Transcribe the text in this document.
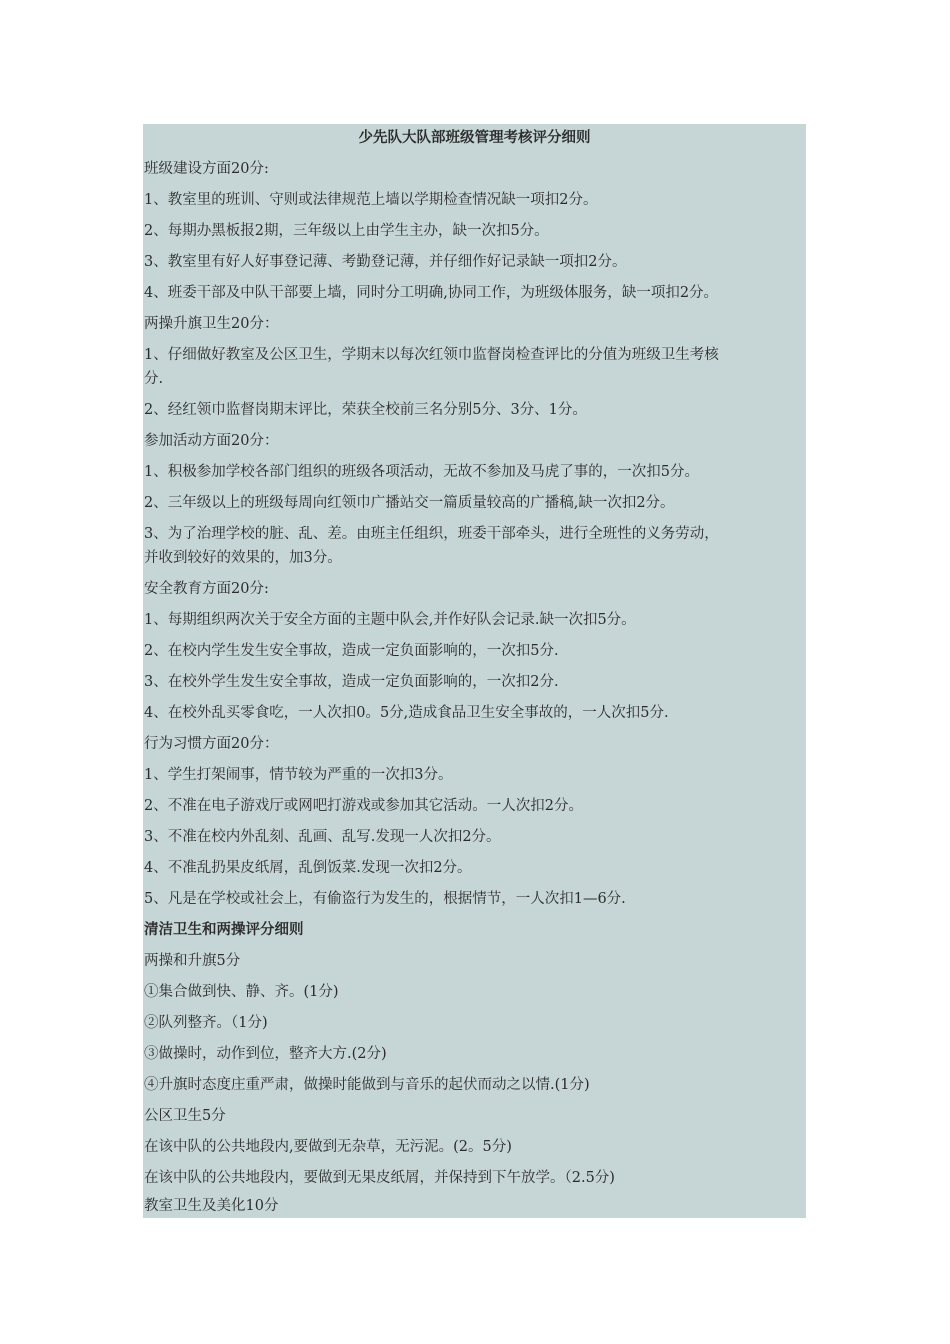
少先队大队部班级管理考核评分细则
班级建设方面20分:
1、教室里的班训、守则或法律规范上墙以学期检查情况缺一项扣2分。
2、每期办黑板报2期，三年级以上由学生主办，缺一次扣5分。
3、教室里有好人好事登记薄、考勤登记薄，并仔细作好记录缺一项扣2分。
4、班委干部及中队干部要上墙，同时分工明确,协同工作，为班级体服务，缺一项扣2分。
两操升旗卫生20分：
1、仔细做好教室及公区卫生，学期末以每次红领巾监督岗检查评比的分值为班级卫生考核
分.
2、经红领巾监督岗期末评比，荣获全校前三名分别5分、3分、1分。
参加活动方面20分：
1、积极参加学校各部门组织的班级各项活动，无故不参加及马虎了事的，一次扣5分。
2、三年级以上的班级每周向红领巾广播站交一篇质量较高的广播稿,缺一次扣2分。
3、为了治理学校的脏、乱、差。由班主任组织，班委干部牵头，进行全班性的义务劳动，
并收到较好的效果的，加3分。
安全教育方面20分:
1、每期组织两次关于安全方面的主题中队会,并作好队会记录.缺一次扣5分。
2、在校内学生发生安全事故，造成一定负面影响的，一次扣5分.
3、在校外学生发生安全事故，造成一定负面影响的，一次扣2分.
4、在校外乱买零食吃，一人次扣0。5分,造成食品卫生安全事故的，一人次扣5分.
行为习惯方面20分：
1、学生打架闹事，情节较为严重的一次扣3分。
2、不准在电子游戏厅或网吧打游戏或参加其它活动。一人次扣2分。
3、不准在校内外乱刻、乱画、乱写.发现一人次扣2分。
4、不准乱扔果皮纸屑，乱倒饭菜.发现一次扣2分。
5、凡是在学校或社会上，有偷盗行为发生的，根据情节，一人次扣1—6分.
清洁卫生和两操评分细则
两操和升旗5分
①集合做到快、静、齐。(1分)
②队列整齐。（1分)
③做操时，动作到位，整齐大方.(2分)
④升旗时态度庄重严肃，做操时能做到与音乐的起伏而动之以情.(1分)
公区卫生5分
在该中队的公共地段内,要做到无杂草，无污泥。(2。5分)
在该中队的公共地段内，要做到无果皮纸屑，并保持到下午放学。（2.5分)
教室卫生及美化10分
